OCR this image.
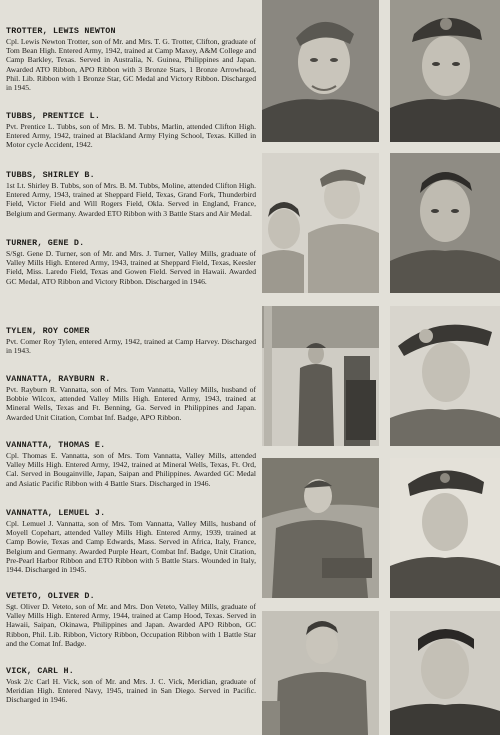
TROTTER, LEWIS NEWTON
Cpl. Lewis Newton Trotter, son of Mr. and Mrs. T. G. Trotter, Clifton, graduate of Tom Bean High. Entered Army, 1942, trained at Camp Maxey, A&M College and Camp Barkley, Texas. Served in Australia, N. Guinea, Philippines and Japan. Awarded ATO Ribbon, APO Ribbon with 3 Bronze Stars, 1 Bronze Arrowhead, Phil. Lib. Ribbon with 1 Bronze Star, GC Medal and Victory Ribbon. Discharged in 1945.
TUBBS, PRENTICE L.
Pvt. Prentice L. Tubbs, son of Mrs. B. M. Tubbs, Marlin, attended Clifton High. Entered Army, 1942, trained at Blackland Army Flying School, Texas. Killed in Motor cycle Accident, 1942.
TUBBS, SHIRLEY B.
1st Lt. Shirley B. Tubbs, son of Mrs. B. M. Tubbs, Moline, attended Clifton High. Entered Army, 1943, trained at Sheppard Field, Texas, Grand Fork, Thunderbird Field, Victor Field and Will Rogers Field, Okla. Served in England, France, Belgium and Germany. Awarded ETO Ribbon with 3 Battle Stars and Air Medal.
TURNER, GENE D.
S/Sgt. Gene D. Turner, son of Mr. and Mrs. J. Turner, Valley Mills, graduate of Valley Mills High. Entered Army, 1943, trained at Sheppard Field, Texas, Keesler Field, Miss. Laredo Field, Texas and Gowen Field. Served in Hawaii. Awarded GC Medal, ATO Ribbon and Victory Ribbon. Discharged in 1946.
TYLEN, ROY COMER
Pvt. Comer Roy Tylen, entered Army, 1942, trained at Camp Harvey. Discharged in 1943.
VANNATTA, RAYBURN R.
Pvt. Rayburn R. Vannatta, son of Mrs. Tom Vannatta, Valley Mills, husband of Bobbie Wilcox, attended Valley Mills High. Entered Army, 1943, trained at Mineral Wells, Texas and Ft. Benning, Ga. Served in Philippines and Japan. Awarded Unit Citation, Combat Inf. Badge, APO Ribbon.
VANNATTA, THOMAS E.
Cpl. Thomas E. Vannatta, son of Mrs. Tom Vannatta, Valley Mills, attended Valley Mills High. Entered Army, 1942, trained at Mineral Wells, Texas, Ft. Ord, Cal. Served in Bougainville, Japan, Saipan and Philippines. Awarded GC Medal and Asiatic Pacific Ribbon with 4 Battle Stars. Discharged in 1946.
VANNATTA, LEMUEL J.
Cpl. Lemuel J. Vannatta, son of Mrs. Tom Vannatta, Valley Mills, husband of Moyell Copehart, attended Valley Mills High. Entered Army, 1939, trained at Camp Bowie, Texas and Camp Edwards, Mass. Served in Africa, Italy, France, Belgium and Germany. Awarded Purple Heart, Combat Inf. Badge, Unit Citation, Pre-Pearl Harbor Ribbon and ETO Ribbon with 5 Battle Stars. Wounded in Italy, 1944. Discharged in 1945.
VETETO, OLIVER D.
Sgt. Oliver D. Veteto, son of Mr. and Mrs. Don Veteto, Valley Mills, graduate of Valley Mills High. Entered Army, 1944, trained at Camp Hood, Texas. Served in Hawaii, Saipan, Okinawa, Philippines and Japan. Awarded APO Ribbon, GC Ribbon, Phil. Lib. Ribbon, Victory Ribbon, Occupation Ribbon with 1 Battle Star and the Comat Inf. Badge.
VICK, CARL H.
Vosk 2/c Carl H. Vick, son of Mr. and Mrs. J. C. Vick, Meridian, graduate of Meridian High. Entered Navy, 1945, trained in San Diego. Served in Pacific. Discharged in 1946.
